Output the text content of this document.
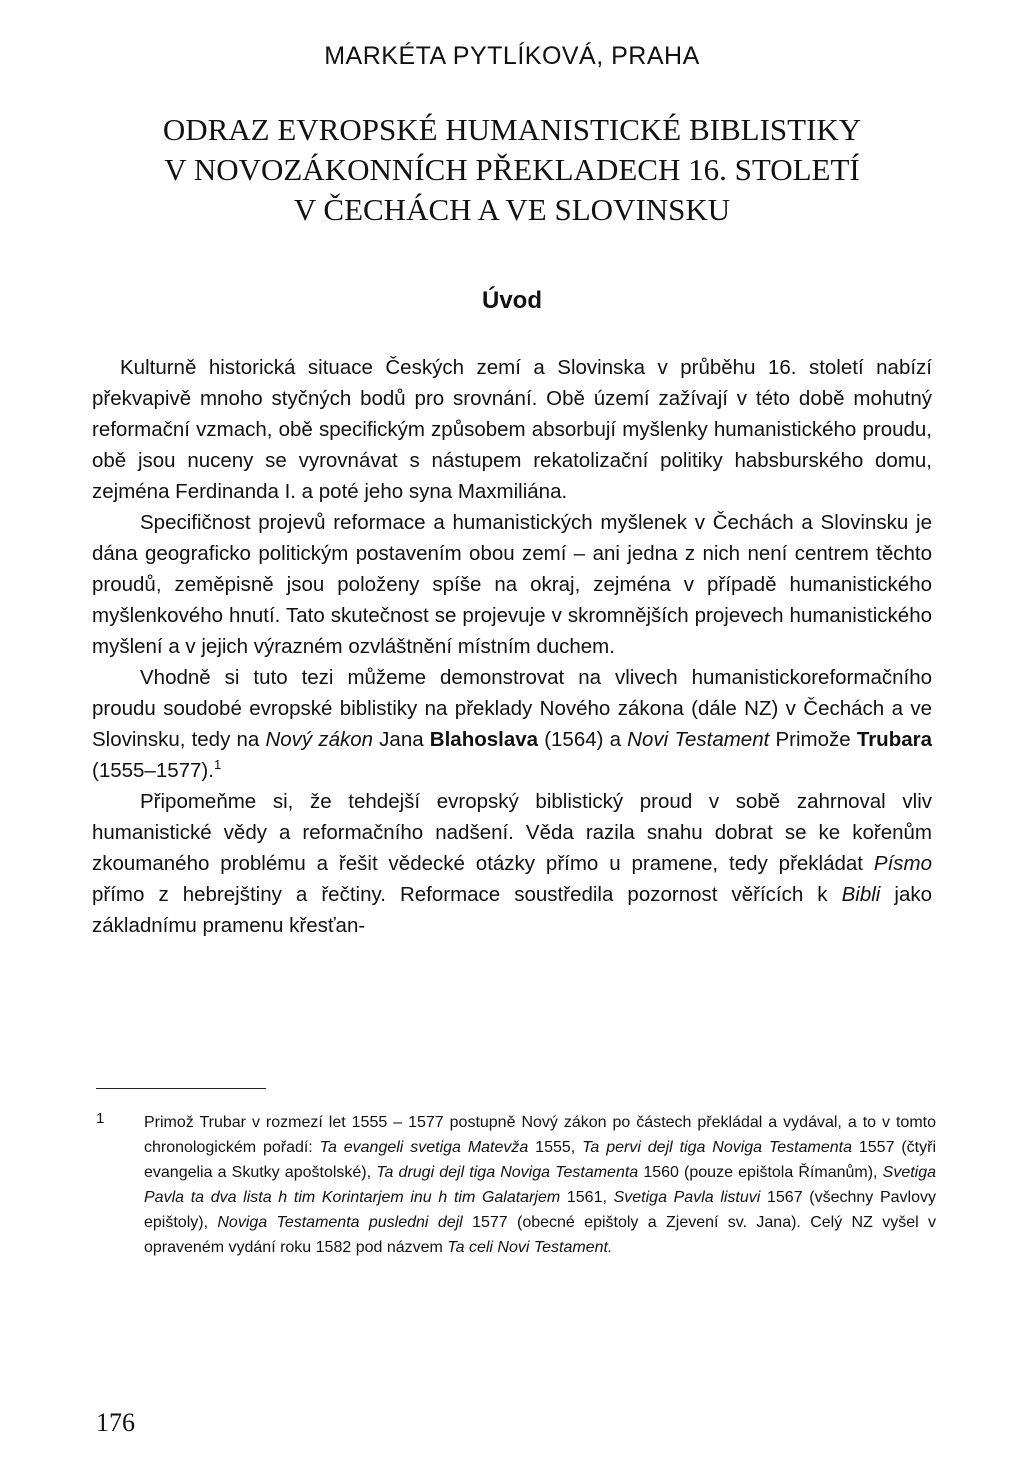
MARKÉTA PYTLÍKOVÁ, PRAHA
ODRAZ EVROPSKÉ HUMANISTICKÉ BIBLISTIKY
V NOVOZÁKONNÍCH PŘEKLADECH 16. STOLETÍ
V ČECHÁCH A VE SLOVINSKU
Úvod

Kulturně historická situace Českých zemí a Slovinska v průběhu 16. století nabízí překvapivě mnoho styčných bodů pro srovnání. Obě území zažívají v této době mohutný reformační vzmach, obě specifickým způsobem absorbují myšlenky humanistického proudu, obě jsou nuceny se vyrovnávat s nástupem rekatolizační politiky habsburského domu, zejména Ferdinanda I. a poté jeho syna Maxmiliána.

Specifičnost projevů reformace a humanistických myšlenek v Čechách a Slovinsku je dána geograficko politickým postavením obou zemí – ani jedna z nich není centrem těchto proudů, zeměpisně jsou položeny spíše na okraj, zejména v případě humanistického myšlenkového hnutí. Tato skutečnost se projevuje v skromnějších projevech humanistického myšlení a v jejich výrazném ozvláštnění místním duchem.

Vhodně si tuto tezi můžeme demonstrovat na vlivech humanistickoreformačního proudu soudobé evropské biblistiky na překlady Nového zákona (dále NZ) v Čechách a ve Slovinsku, tedy na Nový zákon Jana Blahoslava (1564) a Novi Testament Primože Trubara (1555–1577).$^1$

Připomeňme si, že tehdejší evropský biblistický proud v sobě zahrnoval vliv humanistické vědy a reformačního nadšení. Věda razila snahu dobrat se ke kořenům zkoumaného problému a řešit vědecké otázky přímo u pramene, tedy překládat Písmo přímo z hebrejštiny a řečtiny. Reformace soustředila pozornost věřících k Bibli jako základnímu pramenu křesťan-

1 Primož Trubar v rozmezí let 1555 – 1577 postupně Nový zákon po částech překládal a vydával, a to v tomto chronologickém pořadí: Ta evangeli svetiga Matevža 1555, Ta pervi dejl tiga Noviga Testamenta 1557 (čtyři evangelia a Skutky apoštolské), Ta drugi dejl tiga Noviga Testamenta 1560 (pouze epištola Římanům), Svetiga Pavla ta dva lista h tim Korintarjem inu h tim Galatarjem 1561, Svetiga Pavla listuvi 1567 (všechny Pavlovy epištoly), Noviga Testamenta pusledni dejl 1577 (obecné epištoly a Zjevení sv. Jana). Celý NZ vyšel v opraveném vydání roku 1582 pod názvem Ta celi Novi Testament.
176
